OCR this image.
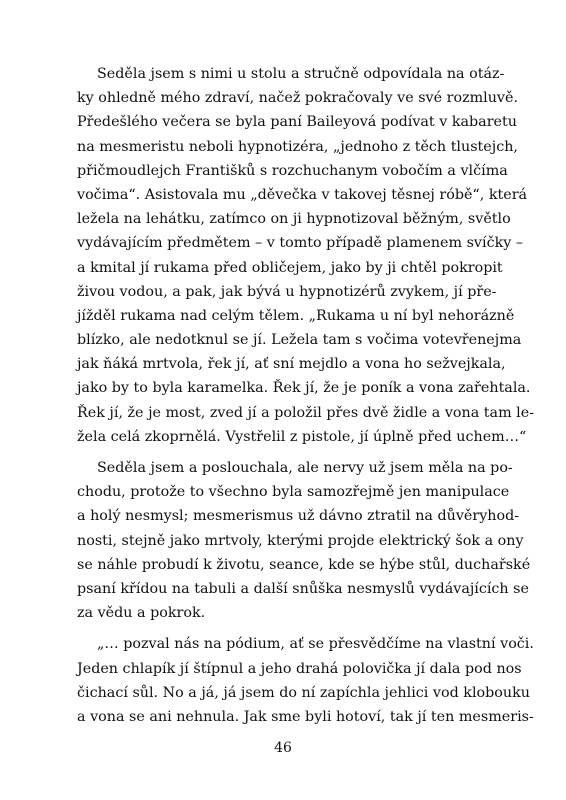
Seděla jsem s nimi u stolu a stručně odpovídala na otáz-
ky ohledně mého zdraví, načež pokračovaly ve své rozmluvě.
Předešlého večera se byla paní Baileyová podívat v kabaretu
na mesmeristu neboli hypnotizéra, „jednoho z těch tlustejch,
přičmoudlejch Františků s rozchuchanym vobočím a vlčíma
vočima“. Asistovala mu „děvečka v takovej těsnej róbě“, která
ležela na lehátku, zatímco on ji hypnotizoval běžným, světlo
vydávajícím předmětem – v tomto případě plamenem svíčky –
a kmital jí rukama před obličejem, jako by ji chtěl pokropit
živou vodou, a pak, jak bývá u hypnotizérů zvykem, jí pře-
jížděl rukama nad celým tělem. „Rukama u ní byl nehorázně
blízko, ale nedotknul se jí. Ležela tam s vočima votevřenejma
jak ňáká mrtvola, řek jí, ať sní mejdlo a vona ho sežvejkala,
jako by to byla karamelka. Řek jí, že je poník a vona zařehtala.
Řek jí, že je most, zved jí a položil přes dvě židle a vona tam le-
žela celá zkoprnělá. Vystřelil z pistole, jí úplně před uchem…“
Seděla jsem a poslouchala, ale nervy už jsem měla na po-
chodu, protože to všechno byla samozřejmě jen manipulace
a holý nesmysl; mesmerismus už dávno ztratil na důvěryhod-
nosti, stejně jako mrtvoly, kterými projde elektrický šok a ony
se náhle probudí k životu, seance, kde se hýbe stůl, duchařské
psaní křídou na tabuli a další snůška nesmyslů vydávajících se
za vědu a pokrok.
„… pozval nás na pódium, ať se přesvědčíme na vlastní voči.
Jeden chlapík jí štípnul a jeho drahá polovička jí dala pod nos
čichací sůl. No a já, já jsem do ní zapíchla jehlici vod klobouku
a vona se ani nehnula. Jak sme byli hotoví, tak jí ten mesmeris-
46
